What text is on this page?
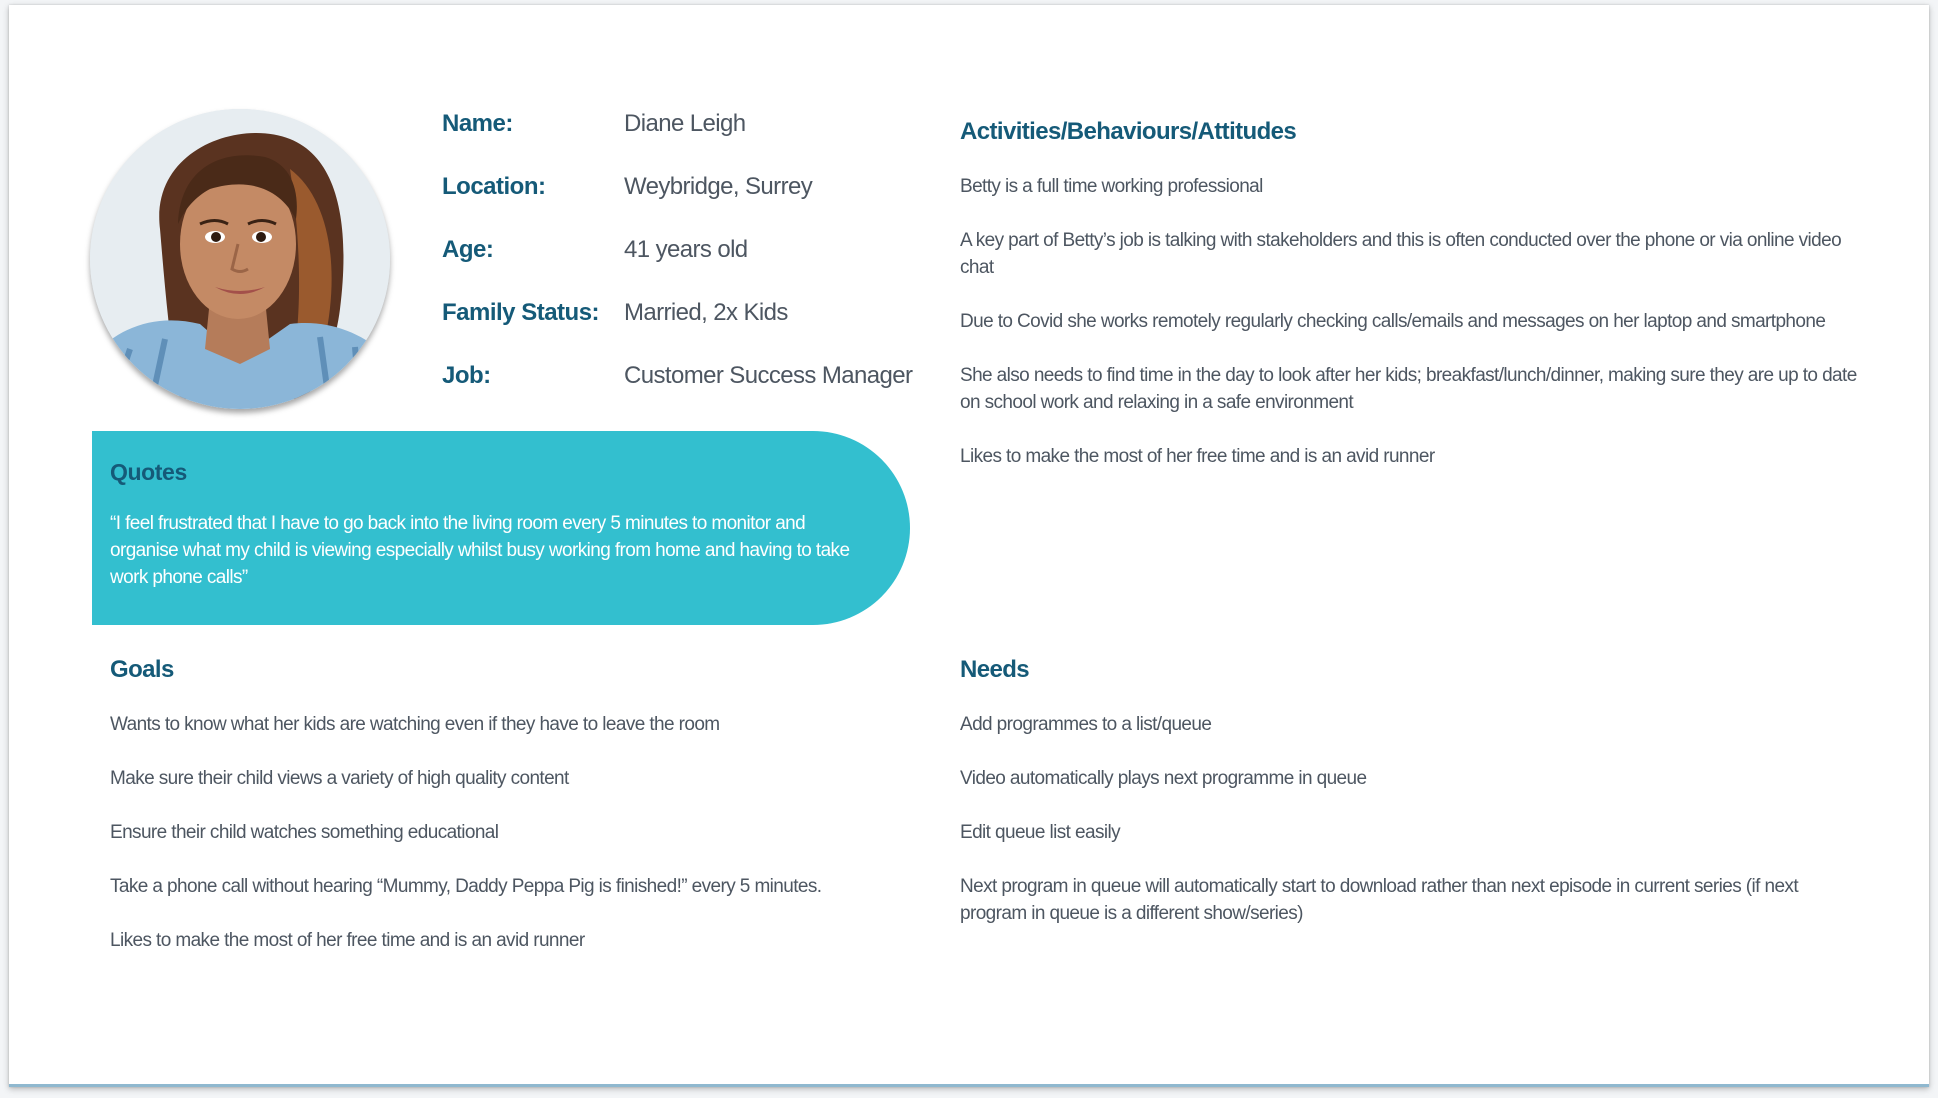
Name:	Diane Leigh
Location:	Weybridge, Surrey
Age:	41 years old
Family Status:	Married, 2x Kids
Job:	Customer Success Manager
Quotes
“I feel frustrated that I have to go back into the living room every 5 minutes to monitor and organise what my child is viewing especially whilst busy working from home and having to take work phone calls”
Activities/Behaviours/Attitudes
Betty is a full time working professional
A key part of Betty’s job is talking with stakeholders and this is often conducted over the phone or via online video chat
Due to Covid she works remotely regularly checking calls/emails and messages on her laptop and smartphone
She also needs to find time in the day to look after her kids; breakfast/lunch/dinner, making sure they are up to date on school work and relaxing in a safe environment
Likes to make the most of her free time and is an avid runner
Goals
Wants to know what her kids are watching even if they have to leave the room
Make sure their child views a variety of high quality content
Ensure their child watches something educational
Take a phone call without hearing “Mummy, Daddy Peppa Pig is finished!” every 5 minutes.
Likes to make the most of her free time and is an avid runner
Needs
Add programmes to a list/queue
Video automatically plays next programme in queue
Edit queue list easily
Next program in queue will automatically start to download rather than next episode in current series (if next program in queue is a different show/series)
